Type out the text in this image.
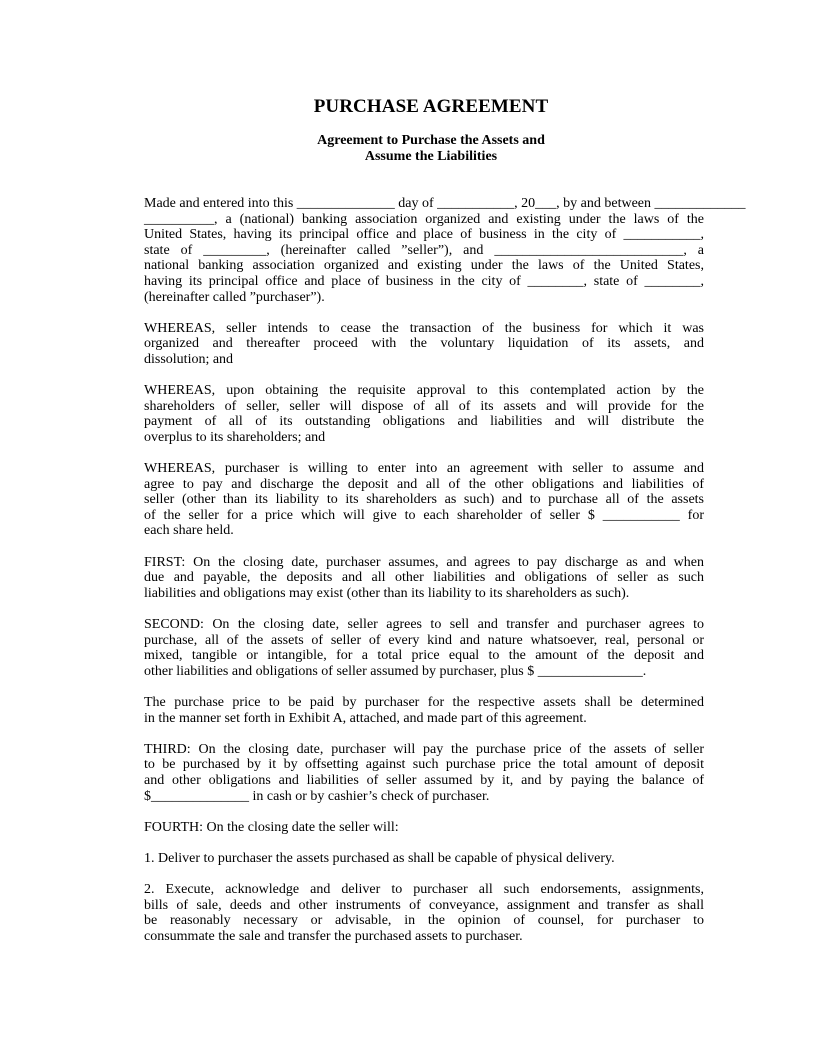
PURCHASE AGREEMENT
Agreement to Purchase the Assets and
Assume the Liabilities
Made and entered into this ______________ day of ___________, 20___, by and between _____________
__________, a (national) banking association organized and existing under the laws of the
United States, having its principal office and place of business in the city of ___________,
state of _________, (hereinafter called ”seller”), and ___________________________, a
national banking association organized and existing under the laws of the United States,
having its principal office and place of business in the city of ________, state of ________,
(hereinafter called ”purchaser”).
WHEREAS, seller intends to cease the transaction of the business for which it was
organized and thereafter proceed with the voluntary liquidation of its assets, and
dissolution; and
WHEREAS, upon obtaining the requisite approval to this contemplated action by the
shareholders of seller, seller will dispose of all of its assets and will provide for the
payment of all of its outstanding obligations and liabilities and will distribute the
overplus to its shareholders; and
WHEREAS, purchaser is willing to enter into an agreement with seller to assume and
agree to pay and discharge the deposit and all of the other obligations and liabilities of
seller (other than its liability to its shareholders as such) and to purchase all of the assets
of the seller for a price which will give to each shareholder of seller $ ___________ for
each share held.
FIRST: On the closing date, purchaser assumes, and agrees to pay discharge as and when
due and payable, the deposits and all other liabilities and obligations of seller as such
liabilities and obligations may exist (other than its liability to its shareholders as such).
SECOND: On the closing date, seller agrees to sell and transfer and purchaser agrees to
purchase, all of the assets of seller of every kind and nature whatsoever, real, personal or
mixed, tangible or intangible, for a total price equal to the amount of the deposit and
other liabilities and obligations of seller assumed by purchaser, plus $ _______________.
The purchase price to be paid by purchaser for the respective assets shall be determined
in the manner set forth in Exhibit A, attached, and made part of this agreement.
THIRD: On the closing date, purchaser will pay the purchase price of the assets of seller
to be purchased by it by offsetting against such purchase price the total amount of deposit
and other obligations and liabilities of seller assumed by it, and by paying the balance of
$______________ in cash or by cashier’s check of purchaser.
FOURTH: On the closing date the seller will:
1. Deliver to purchaser the assets purchased as shall be capable of physical delivery.
2. Execute, acknowledge and deliver to purchaser all such endorsements, assignments,
bills of sale, deeds and other instruments of conveyance, assignment and transfer as shall
be reasonably necessary or advisable, in the opinion of counsel, for purchaser to
consummate the sale and transfer the purchased assets to purchaser.
